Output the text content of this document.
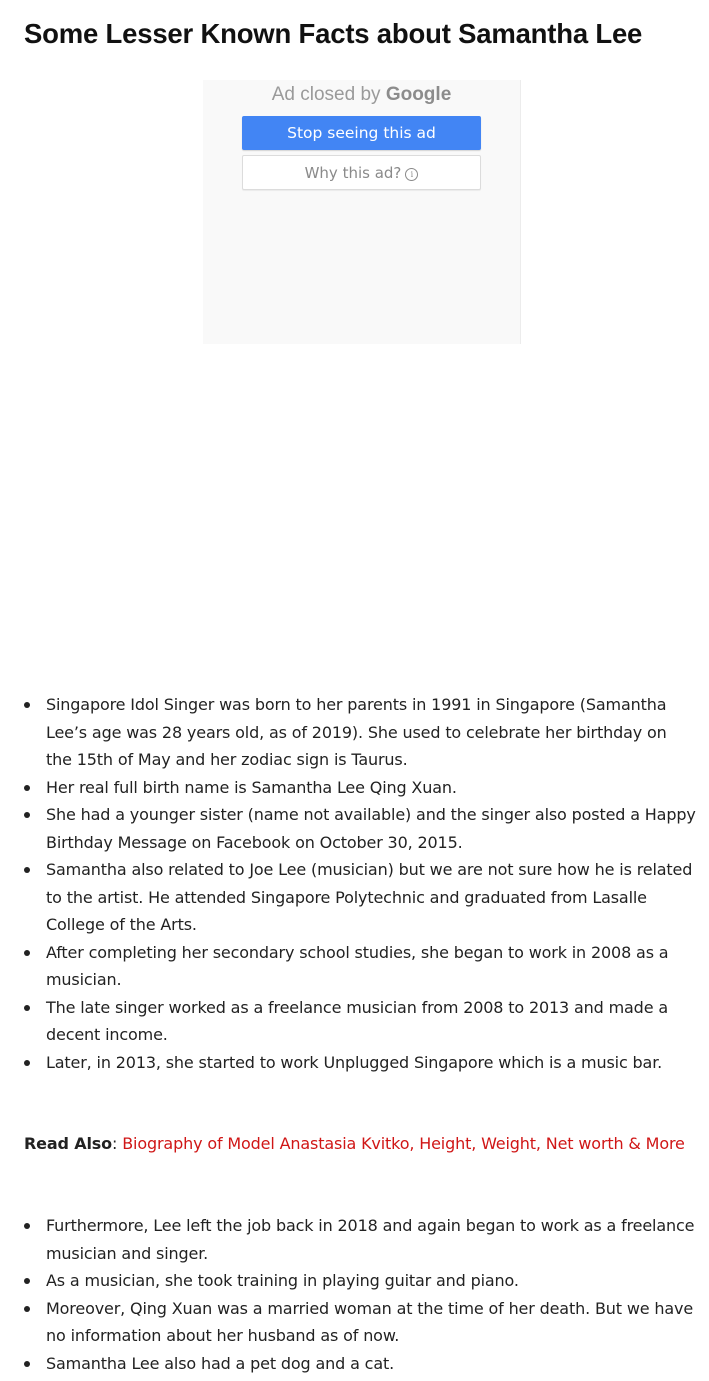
Some Lesser Known Facts about Samantha Lee
Ad closed by Google
Stop seeing this ad
Why this ad? i
Singapore Idol Singer was born to her parents in 1991 in Singapore (Samantha Lee’s age was 28 years old, as of 2019). She used to celebrate her birthday on the 15th of May and her zodiac sign is Taurus.
Her real full birth name is Samantha Lee Qing Xuan.
She had a younger sister (name not available) and the singer also posted a Happy Birthday Message on Facebook on October 30, 2015.
Samantha also related to Joe Lee (musician) but we are not sure how he is related to the artist. He attended Singapore Polytechnic and graduated from Lasalle College of the Arts.
After completing her secondary school studies, she began to work in 2008 as a musician.
The late singer worked as a freelance musician from 2008 to 2013 and made a decent income.
Later, in 2013, she started to work Unplugged Singapore which is a music bar.

Read Also: Biography of Model Anastasia Kvitko, Height, Weight, Net worth & More

Furthermore, Lee left the job back in 2018 and again began to work as a freelance musician and singer.
As a musician, she took training in playing guitar and piano.
Moreover, Qing Xuan was a married woman at the time of her death. But we have no information about her husband as of now.
Samantha Lee also had a pet dog and a cat.
